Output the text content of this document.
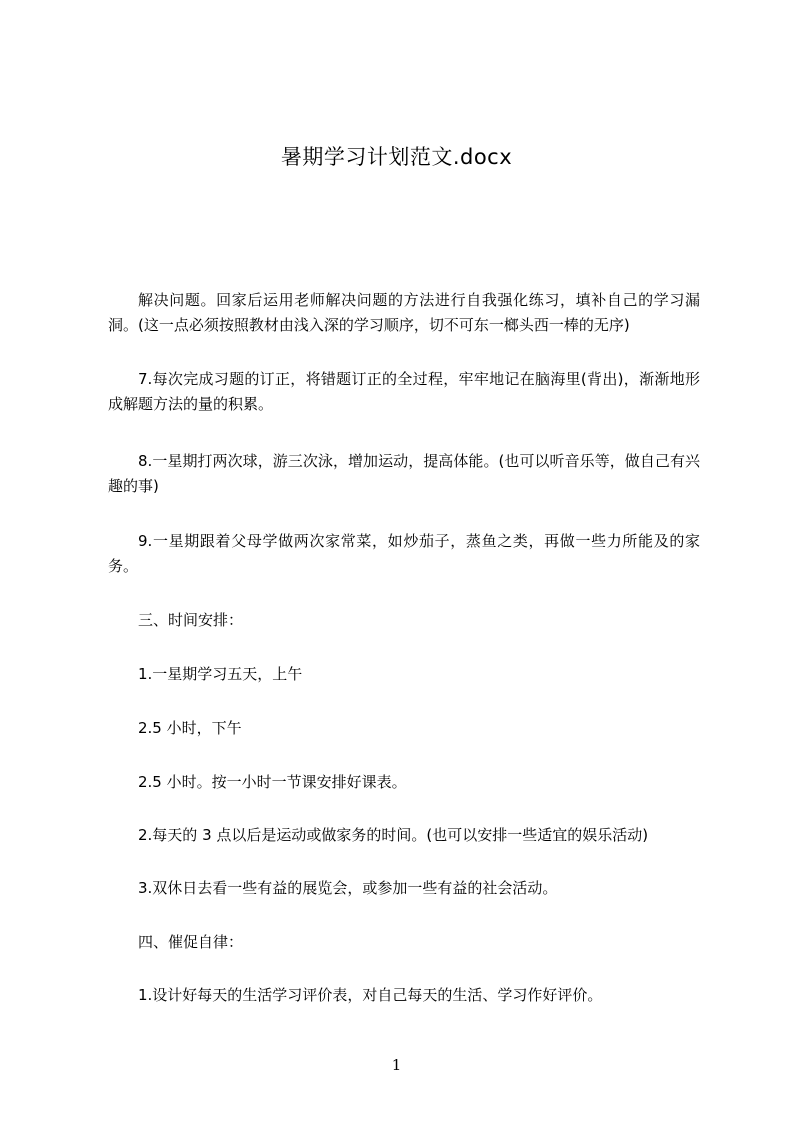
暑期学习计划范文.docx

解决问题。回家后运用老师解决问题的方法进行自我强化练习，填补自己的学习漏洞。(这一点必须按照教材由浅入深的学习顺序，切不可东一榔头西一棒的无序)

7.每次完成习题的订正，将错题订正的全过程，牢牢地记在脑海里(背出)，渐渐地形成解题方法的量的积累。

8.一星期打两次球，游三次泳，增加运动，提高体能。(也可以听音乐等，做自己有兴趣的事)

9.一星期跟着父母学做两次家常菜，如炒茄子，蒸鱼之类，再做一些力所能及的家务。

三、时间安排：

1.一星期学习五天，上午

2.5 小时，下午

2.5 小时。按一小时一节课安排好课表。

2.每天的 3 点以后是运动或做家务的时间。(也可以安排一些适宜的娱乐活动)

3.双休日去看一些有益的展览会，或参加一些有益的社会活动。

四、催促自律：

1.设计好每天的生活学习评价表，对自己每天的生活、学习作好评价。

1
